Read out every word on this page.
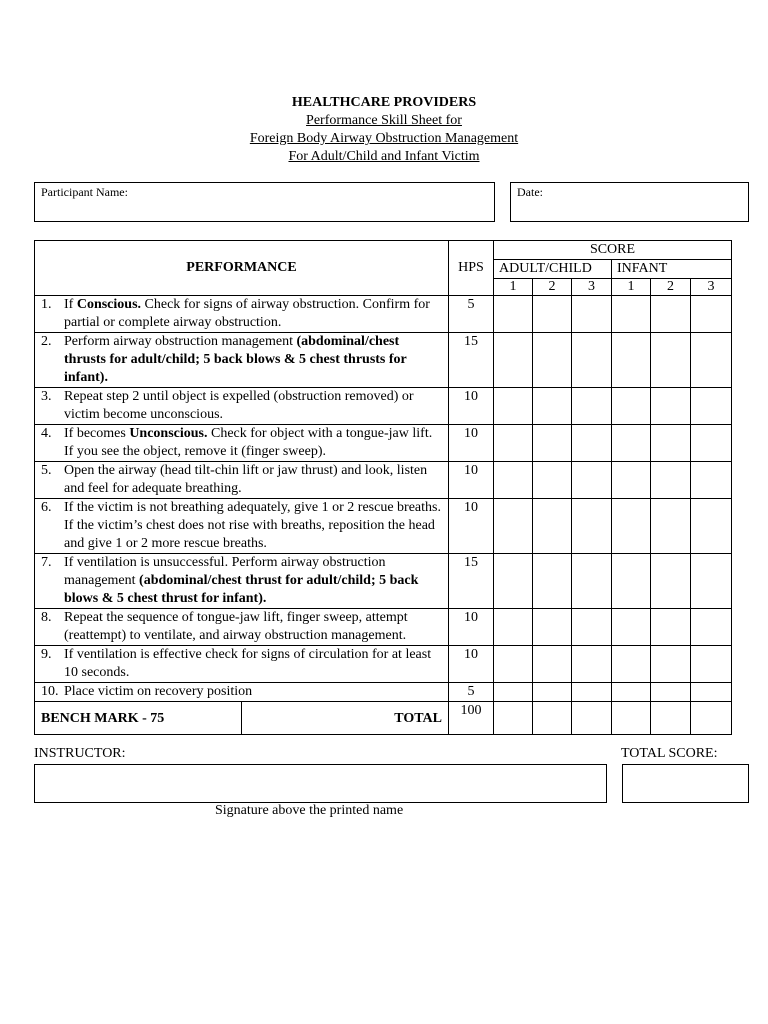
HEALTHCARE PROVIDERS
Performance Skill Sheet for
Foreign Body Airway Obstruction Management
For Adult/Child and Infant Victim
Participant Name:	Date:
PERFORMANCE		HPS	SCORE					
			ADULT/CHILD			INFANT		
			1	2	3	1	2	3

1. If Conscious. Check for signs of airway obstruction. Confirm for partial or complete airway obstruction.		5						

2. Perform airway obstruction management (abdominal/chest thrusts for adult/child; 5 back blows & 5 chest thrusts for infant).		15						

3. Repeat step 2 until object is expelled (obstruction removed) or victim become unconscious.		10						

4. If becomes Unconscious. Check for object with a tongue-jaw lift. If you see the object, remove it (finger sweep).		10						

5. Open the airway (head tilt-chin lift or jaw thrust) and look, listen and feel for adequate breathing.		10						

6. If the victim is not breathing adequately, give 1 or 2 rescue breaths. If the victim’s chest does not rise with breaths, reposition the head and give 1 or 2 more rescue breaths.		10						

7. If ventilation is unsuccessful. Perform airway obstruction management (abdominal/chest thrust for adult/child; 5 back blows & 5 chest thrust for infant).		15						

8. Repeat the sequence of tongue-jaw lift, finger sweep, attempt (reattempt) to ventilate, and airway obstruction management.		10						

9. If ventilation is effective check for signs of circulation for at least 10 seconds.		10						

10. Place victim on recovery position		5						
BENCH MARK - 75	TOTAL	100						
INSTRUCTOR:	TOTAL SCORE:
Signature above the printed name
